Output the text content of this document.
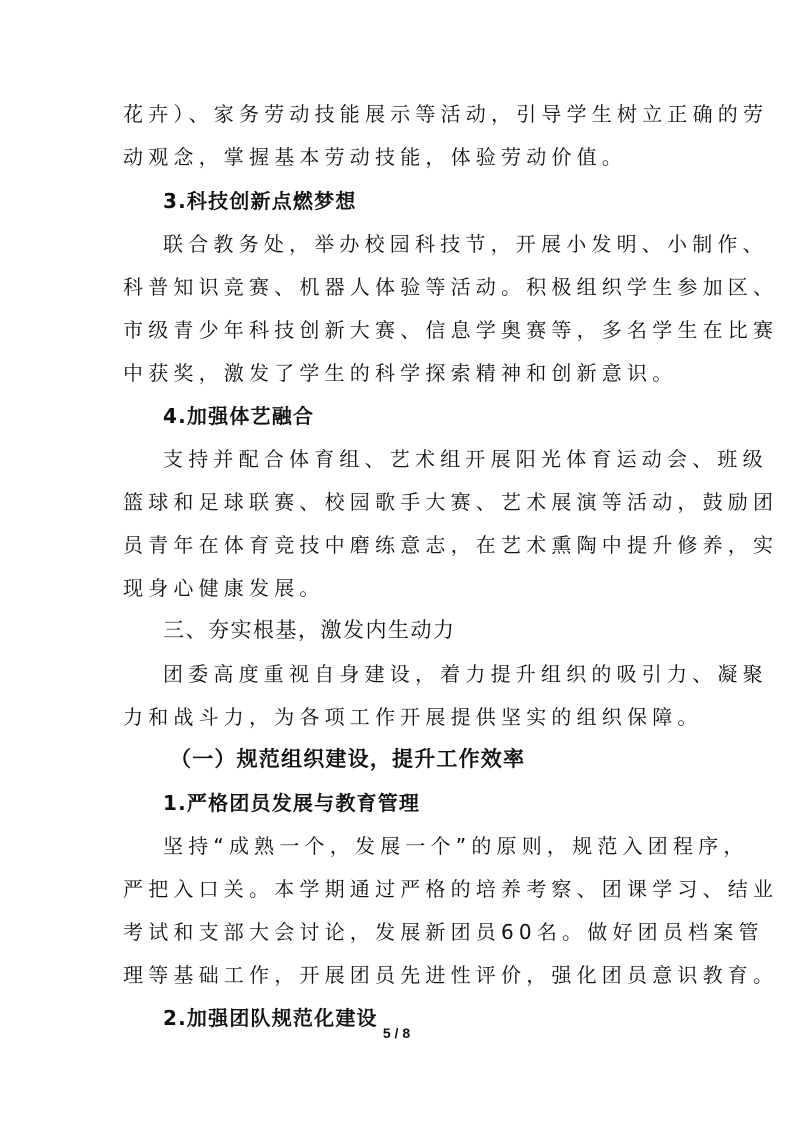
花卉）、家务劳动技能展示等活动，引导学生树立正确的劳

动观念，掌握基本劳动技能，体验劳动价值。

3.科技创新点燃梦想

联合教务处，举办校园科技节，开展小发明、小制作、

科普知识竞赛、机器人体验等活动。积极组织学生参加区、

市级青少年科技创新大赛、信息学奥赛等，多名学生在比赛

中获奖，激发了学生的科学探索精神和创新意识。

4.加强体艺融合

支持并配合体育组、艺术组开展阳光体育运动会、班级

篮球和足球联赛、校园歌手大赛、艺术展演等活动，鼓励团

员青年在体育竞技中磨练意志，在艺术熏陶中提升修养，实

现身心健康发展。

三、夯实根基，激发内生动力

团委高度重视自身建设，着力提升组织的吸引力、凝聚

力和战斗力，为各项工作开展提供坚实的组织保障。

（一）规范组织建设，提升工作效率

1.严格团员发展与教育管理

坚持“成熟一个，发展一个”的原则，规范入团程序，

严把入口关。本学期通过严格的培养考察、团课学习、结业

考试和支部大会讨论，发展新团员60名。做好团员档案管

理等基础工作，开展团员先进性评价，强化团员意识教育。

2.加强团队规范化建设

5 / 8
